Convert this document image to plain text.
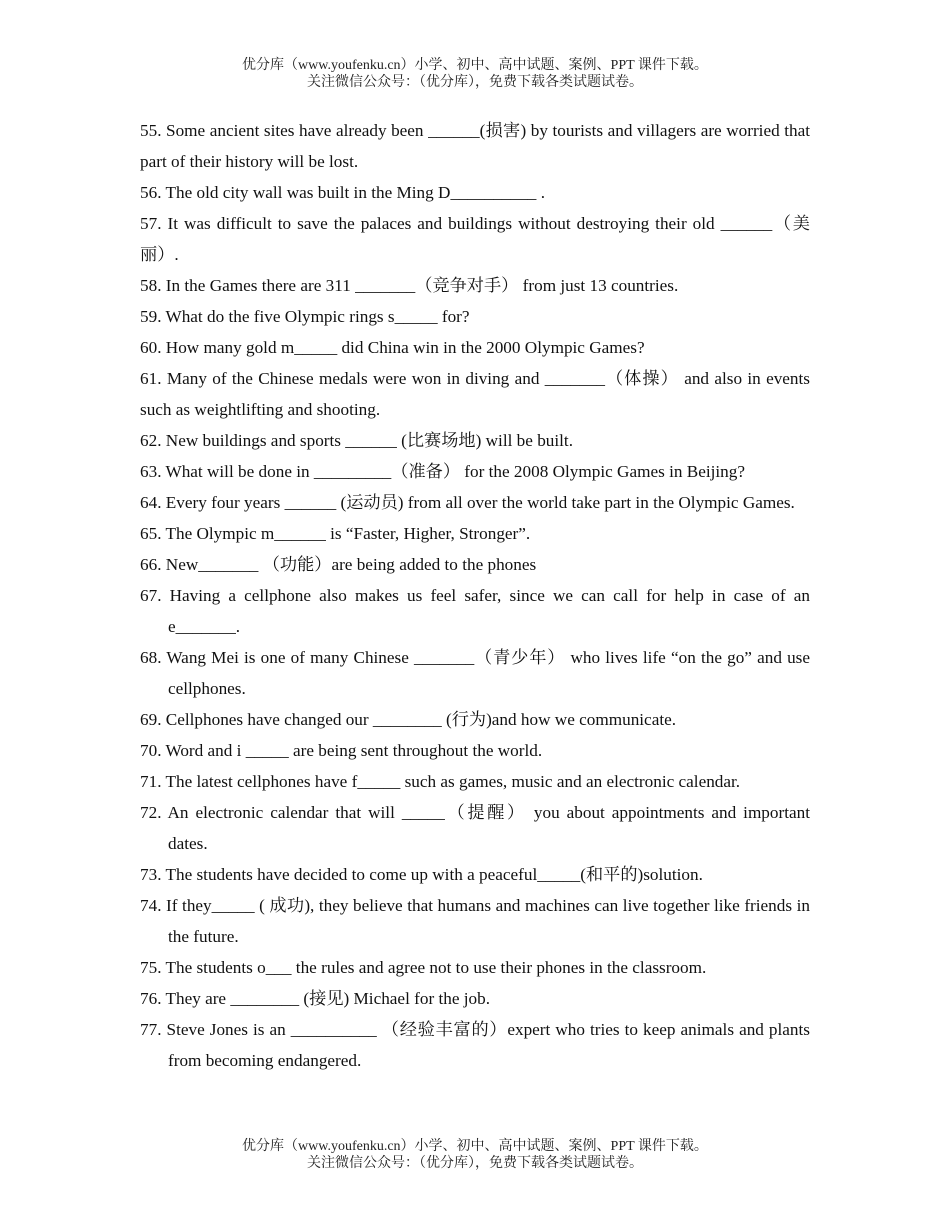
优分库（www.youfenku.cn）小学、初中、高中试题、案例、PPT 课件下载。
关注微信公众号：（优分库），免费下载各类试题试卷。

55. Some ancient sites have already been ______(损害) by tourists and villagers are worried that part of their history will be lost.

56. The old city wall was built in the Ming D__________ .

57. It was difficult to save the palaces and buildings without destroying their old ______（美丽）.

58. In the Games there are 311 _______（竞争对手） from just 13 countries.

59. What do the five Olympic rings s_____ for?

60. How many gold m_____ did China win in the 2000 Olympic Games?

61. Many of the Chinese medals were won in diving and _______（体操） and also in events such as weightlifting and shooting.

62. New buildings and sports ______ (比赛场地) will be built.

63. What will be done in _________（准备） for the 2008 Olympic Games in Beijing?

64. Every four years ______ (运动员) from all over the world take part in the Olympic Games.

65. The Olympic m______ is “Faster, Higher, Stronger”.

66. New_______ （功能）are being added to the phones

67. Having a cellphone also makes us feel safer, since we can call for help in case of an e_______.

68. Wang Mei is one of many Chinese _______（青少年） who lives life “on the go” and use cellphones.

69. Cellphones have changed our ________ (行为)and how we communicate.

70. Word and i _____ are being sent throughout the world.

71. The latest cellphones have f_____ such as games, music and an electronic calendar.

72. An electronic calendar that will _____（提醒） you about appointments and important dates.

73. The students have decided to come up with a peaceful_____(和平的)solution.

74. If they_____ ( 成功), they believe that humans and machines can live together like friends in the future.

75. The students o___ the rules and agree not to use their phones in the classroom.

76. They are ________ (接见) Michael for the job.

77. Steve Jones is an __________ （经验丰富的）expert who tries to keep animals and plants from becoming endangered.

优分库（www.youfenku.cn）小学、初中、高中试题、案例、PPT 课件下载。
关注微信公众号：（优分库），免费下载各类试题试卷。
